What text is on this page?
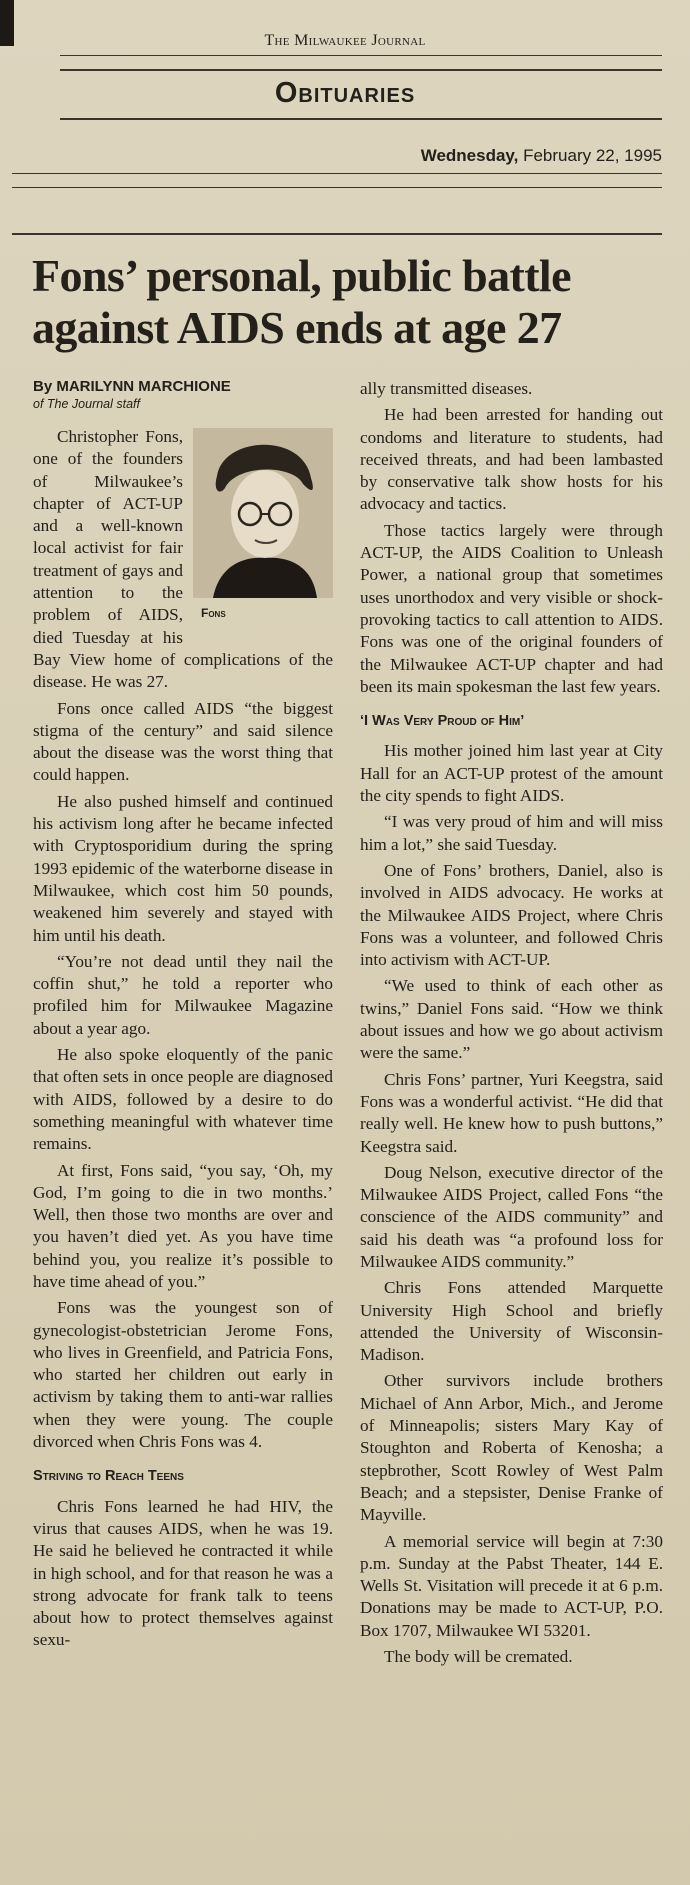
The Milwaukee Journal
Obituaries
Wednesday, February 22, 1995
Fons’ personal, public battle against AIDS ends at age 27
By MARILYNN MARCHIONE
of The Journal staff
Fons

Christopher Fons, one of the founders of Milwaukee’s chapter of ACT-UP and a well-known local activist for fair treatment of gays and attention to the problem of AIDS, died Tuesday at his Bay View home of complications of the disease. He was 27.

Fons once called AIDS “the biggest stigma of the century” and said silence about the disease was the worst thing that could happen.

He also pushed himself and continued his activism long after he became infected with Cryptosporidium during the spring 1993 epidemic of the waterborne disease in Milwaukee, which cost him 50 pounds, weakened him severely and stayed with him until his death.

“You’re not dead until they nail the coffin shut,” he told a reporter who profiled him for Milwaukee Magazine about a year ago.

He also spoke eloquently of the panic that often sets in once people are diagnosed with AIDS, followed by a desire to do something meaningful with whatever time remains.

At first, Fons said, “you say, ‘Oh, my God, I’m going to die in two months.’ Well, then those two months are over and you haven’t died yet. As you have time behind you, you realize it’s possible to have time ahead of you.”

Fons was the youngest son of gynecologist-obstetrician Jerome Fons, who lives in Greenfield, and Patricia Fons, who started her children out early in activism by taking them to anti-war rallies when they were young. The couple divorced when Chris Fons was 4.

Striving to Reach Teens

Chris Fons learned he had HIV, the virus that causes AIDS, when he was 19. He said he believed he contracted it while in high school, and for that reason he was a strong advocate for frank talk to teens about how to protect themselves against sexu-

ally transmitted diseases.

He had been arrested for handing out condoms and literature to students, had received threats, and had been lambasted by conservative talk show hosts for his advocacy and tactics.

Those tactics largely were through ACT-UP, the AIDS Coalition to Unleash Power, a national group that sometimes uses unorthodox and very visible or shock-provoking tactics to call attention to AIDS. Fons was one of the original founders of the Milwaukee ACT-UP chapter and had been its main spokesman the last few years.

‘I Was Very Proud of Him’

His mother joined him last year at City Hall for an ACT-UP protest of the amount the city spends to fight AIDS.

“I was very proud of him and will miss him a lot,” she said Tuesday.

One of Fons’ brothers, Daniel, also is involved in AIDS advocacy. He works at the Milwaukee AIDS Project, where Chris Fons was a volunteer, and followed Chris into activism with ACT-UP.

“We used to think of each other as twins,” Daniel Fons said. “How we think about issues and how we go about activism were the same.”

Chris Fons’ partner, Yuri Keegstra, said Fons was a wonderful activist. “He did that really well. He knew how to push buttons,” Keegstra said.

Doug Nelson, executive director of the Milwaukee AIDS Project, called Fons “the conscience of the AIDS community” and said his death was “a profound loss for Milwaukee AIDS community.”

Chris Fons attended Marquette University High School and briefly attended the University of Wisconsin-Madison.

Other survivors include brothers Michael of Ann Arbor, Mich., and Jerome of Minneapolis; sisters Mary Kay of Stoughton and Roberta of Kenosha; a stepbrother, Scott Rowley of West Palm Beach; and a stepsister, Denise Franke of Mayville.

A memorial service will begin at 7:30 p.m. Sunday at the Pabst Theater, 144 E. Wells St. Visitation will precede it at 6 p.m. Donations may be made to ACT-UP, P.O. Box 1707, Milwaukee WI 53201.

The body will be cremated.
